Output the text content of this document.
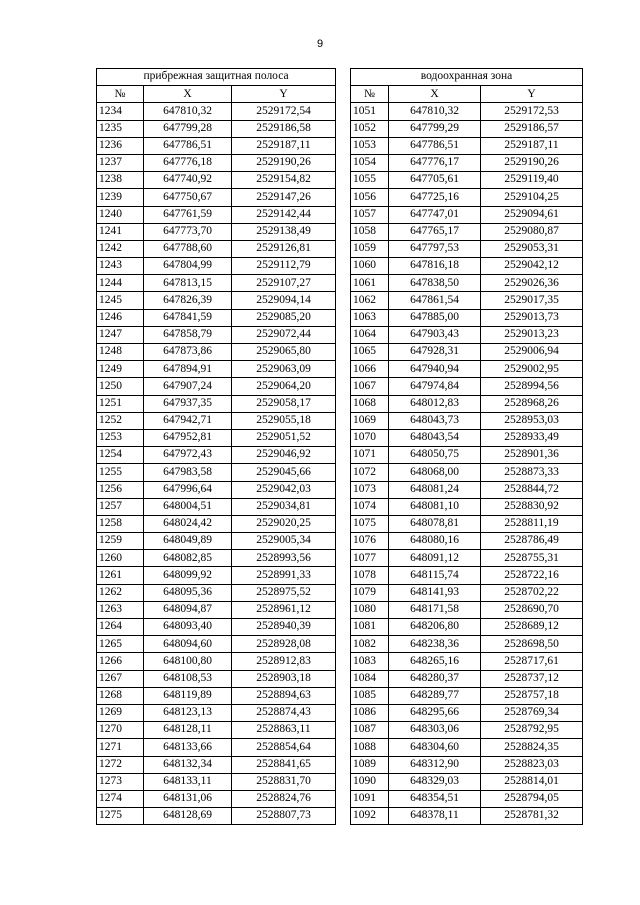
9
прибрежная защитная полоса		
№	X	Y
1234	647810,32	2529172,54
1235	647799,28	2529186,58
1236	647786,51	2529187,11
1237	647776,18	2529190,26
1238	647740,92	2529154,82
1239	647750,67	2529147,26
1240	647761,59	2529142,44
1241	647773,70	2529138,49
1242	647788,60	2529126,81
1243	647804,99	2529112,79
1244	647813,15	2529107,27
1245	647826,39	2529094,14
1246	647841,59	2529085,20
1247	647858,79	2529072,44
1248	647873,86	2529065,80
1249	647894,91	2529063,09
1250	647907,24	2529064,20
1251	647937,35	2529058,17
1252	647942,71	2529055,18
1253	647952,81	2529051,52
1254	647972,43	2529046,92
1255	647983,58	2529045,66
1256	647996,64	2529042,03
1257	648004,51	2529034,81
1258	648024,42	2529020,25
1259	648049,89	2529005,34
1260	648082,85	2528993,56
1261	648099,92	2528991,33
1262	648095,36	2528975,52
1263	648094,87	2528961,12
1264	648093,40	2528940,39
1265	648094,60	2528928,08
1266	648100,80	2528912,83
1267	648108,53	2528903,18
1268	648119,89	2528894,63
1269	648123,13	2528874,43
1270	648128,11	2528863,11
1271	648133,66	2528854,64
1272	648132,34	2528841,65
1273	648133,11	2528831,70
1274	648131,06	2528824,76
1275	648128,69	2528807,73
водоохранная зона		
№	X	Y
1051	647810,32	2529172,53
1052	647799,29	2529186,57
1053	647786,51	2529187,11
1054	647776,17	2529190,26
1055	647705,61	2529119,40
1056	647725,16	2529104,25
1057	647747,01	2529094,61
1058	647765,17	2529080,87
1059	647797,53	2529053,31
1060	647816,18	2529042,12
1061	647838,50	2529026,36
1062	647861,54	2529017,35
1063	647885,00	2529013,73
1064	647903,43	2529013,23
1065	647928,31	2529006,94
1066	647940,94	2529002,95
1067	647974,84	2528994,56
1068	648012,83	2528968,26
1069	648043,73	2528953,03
1070	648043,54	2528933,49
1071	648050,75	2528901,36
1072	648068,00	2528873,33
1073	648081,24	2528844,72
1074	648081,10	2528830,92
1075	648078,81	2528811,19
1076	648080,16	2528786,49
1077	648091,12	2528755,31
1078	648115,74	2528722,16
1079	648141,93	2528702,22
1080	648171,58	2528690,70
1081	648206,80	2528689,12
1082	648238,36	2528698,50
1083	648265,16	2528717,61
1084	648280,37	2528737,12
1085	648289,77	2528757,18
1086	648295,66	2528769,34
1087	648303,06	2528792,95
1088	648304,60	2528824,35
1089	648312,90	2528823,03
1090	648329,03	2528814,01
1091	648354,51	2528794,05
1092	648378,11	2528781,32
